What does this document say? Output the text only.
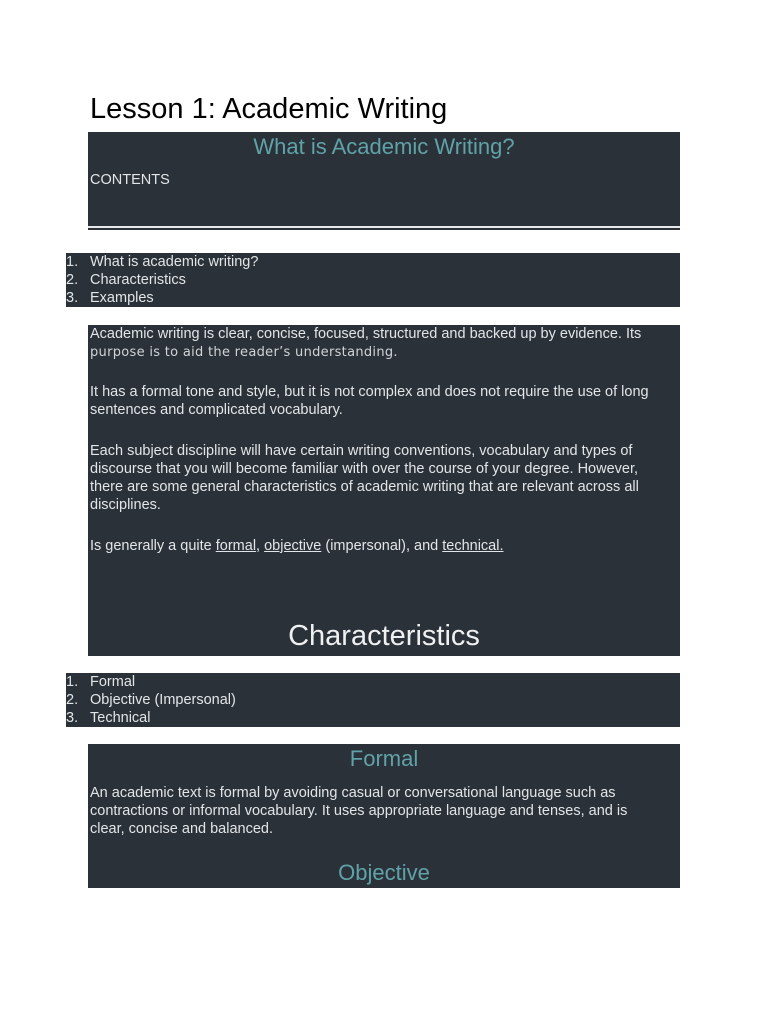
Lesson 1: Academic Writing
What is Academic Writing?
CONTENTS
1. What is academic writing?
2. Characteristics
3. Examples

Academic writing is clear, concise, focused, structured and backed up by evidence. Its purpose is to aid the reader’s understanding.

It has a formal tone and style, but it is not complex and does not require the use of long sentences and complicated vocabulary.

Each subject discipline will have certain writing conventions, vocabulary and types of discourse that you will become familiar with over the course of your degree. However, there are some general characteristics of academic writing that are relevant across all disciplines.

Is generally a quite formal, objective (impersonal), and technical.

Characteristics
1. Formal
2. Objective (Impersonal)
3. Technical
Formal

An academic text is formal by avoiding casual or conversational language such as contractions or informal vocabulary. It uses appropriate language and tenses, and is clear, concise and balanced.

Objective
